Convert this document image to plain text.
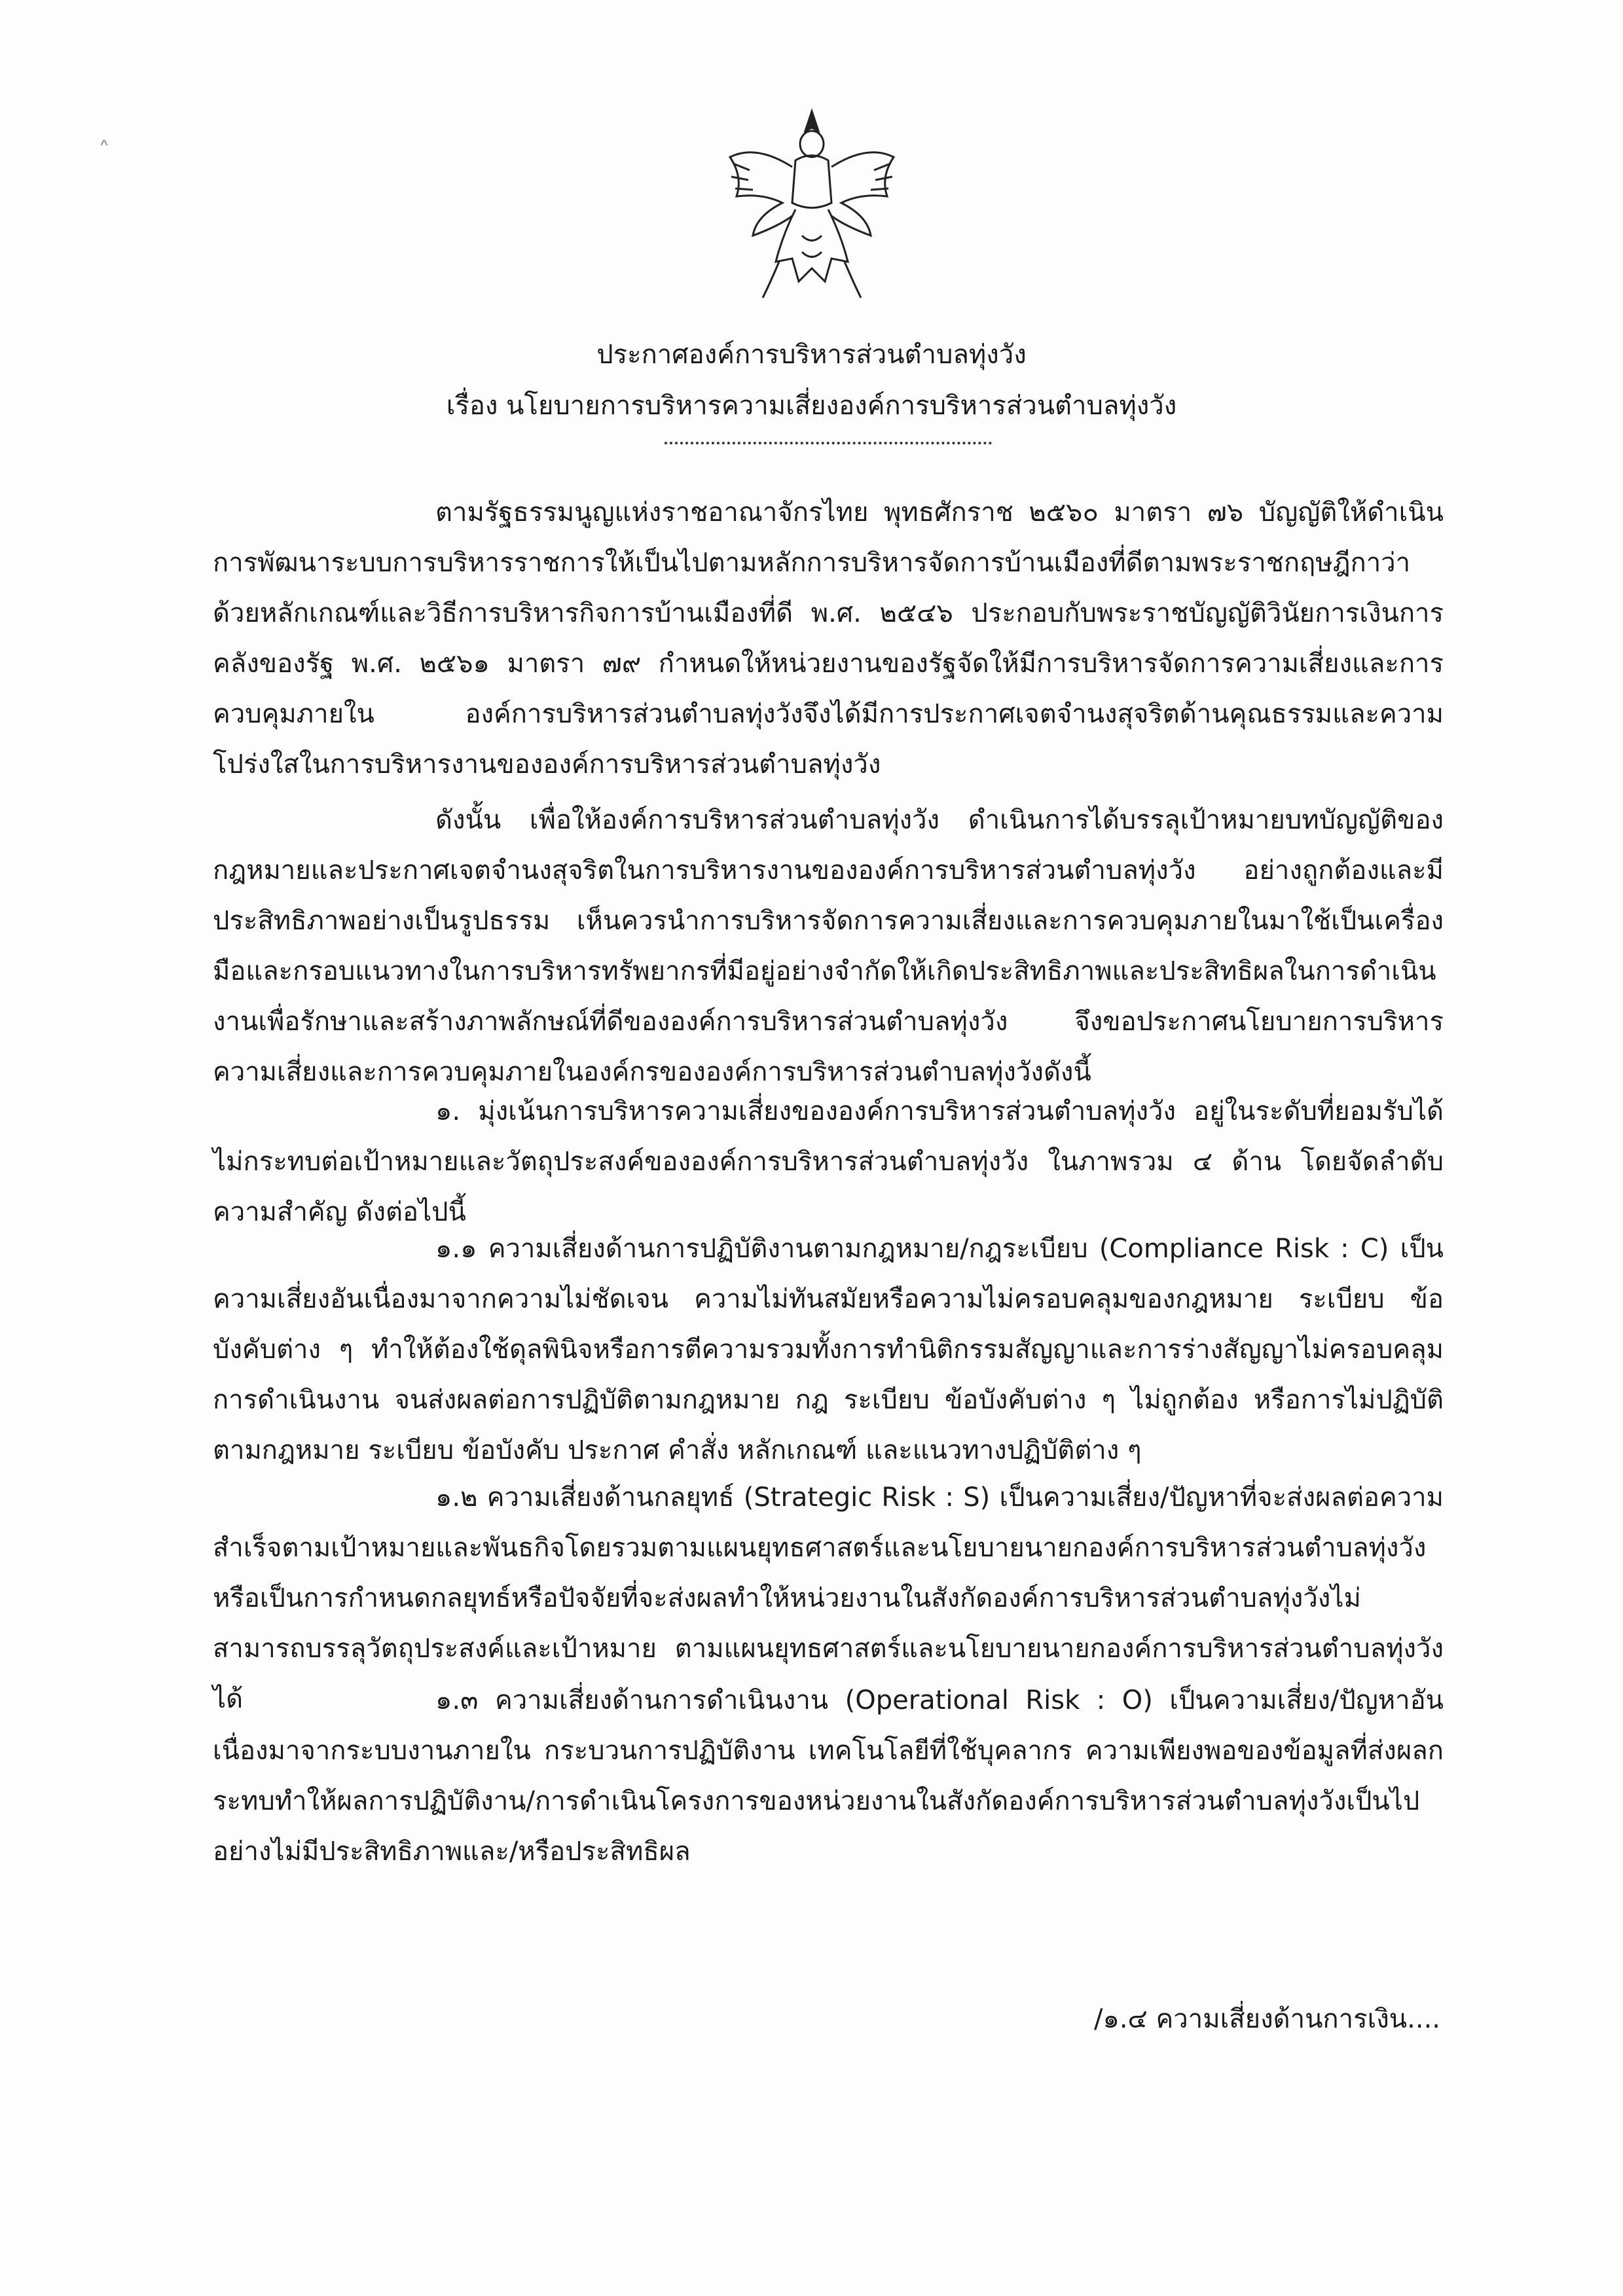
˄
ประกาศองค์การบริหารส่วนตำบลทุ่งวัง
เรื่อง นโยบายการบริหารความเสี่ยงองค์การบริหารส่วนตำบลทุ่งวัง

ตามรัฐธรรมนูญแห่งราชอาณาจักรไทย พุทธศักราช ๒๕๖๐ มาตรา ๗๖ บัญญัติให้ดำเนินการพัฒนาระบบการบริหารราชการให้เป็นไปตามหลักการบริหารจัดการบ้านเมืองที่ดีตามพระราชกฤษฎีกาว่าด้วยหลักเกณฑ์และวิธีการบริหารกิจการบ้านเมืองที่ดี พ.ศ. ๒๕๔๖ ประกอบกับพระราชบัญญัติวินัยการเงินการคลังของรัฐ พ.ศ. ๒๕๖๑ มาตรา ๗๙ กำหนดให้หน่วยงานของรัฐจัดให้มีการบริหารจัดการความเสี่ยงและการควบคุมภายใน องค์การบริหารส่วนตำบลทุ่งวังจึงได้มีการประกาศเจตจำนงสุจริตด้านคุณธรรมและความโปร่งใสในการบริหารงานขององค์การบริหารส่วนตำบลทุ่งวัง

ดังนั้น เพื่อให้องค์การบริหารส่วนตำบลทุ่งวัง ดำเนินการได้บรรลุเป้าหมายบทบัญญัติของกฎหมายและประกาศเจตจำนงสุจริตในการบริหารงานขององค์การบริหารส่วนตำบลทุ่งวัง อย่างถูกต้องและมีประสิทธิภาพอย่างเป็นรูปธรรม เห็นควรนำการบริหารจัดการความเสี่ยงและการควบคุมภายในมาใช้เป็นเครื่องมือและกรอบแนวทางในการบริหารทรัพยากรที่มีอยู่อย่างจำกัดให้เกิดประสิทธิภาพและประสิทธิผลในการดำเนินงานเพื่อรักษาและสร้างภาพลักษณ์ที่ดีขององค์การบริหารส่วนตำบลทุ่งวัง จึงขอประกาศนโยบายการบริหารความเสี่ยงและการควบคุมภายในองค์กรขององค์การบริหารส่วนตำบลทุ่งวังดังนี้

๑. มุ่งเน้นการบริหารความเสี่ยงขององค์การบริหารส่วนตำบลทุ่งวัง อยู่ในระดับที่ยอมรับได้ไม่กระทบต่อเป้าหมายและวัตถุประสงค์ขององค์การบริหารส่วนตำบลทุ่งวัง ในภาพรวม ๔ ด้าน โดยจัดลำดับความสำคัญ ดังต่อไปนี้

๑.๑ ความเสี่ยงด้านการปฏิบัติงานตามกฎหมาย/กฎระเบียบ (Compliance Risk : C) เป็นความเสี่ยงอันเนื่องมาจากความไม่ชัดเจน ความไม่ทันสมัยหรือความไม่ครอบคลุมของกฎหมาย ระเบียบ ข้อบังคับต่าง ๆ ทำให้ต้องใช้ดุลพินิจหรือการตีความรวมทั้งการทำนิติกรรมสัญญาและการร่างสัญญาไม่ครอบคลุมการดำเนินงาน จนส่งผลต่อการปฏิบัติตามกฎหมาย กฎ ระเบียบ ข้อบังคับต่าง ๆ ไม่ถูกต้อง หรือการไม่ปฏิบัติตามกฎหมาย ระเบียบ ข้อบังคับ ประกาศ คำสั่ง หลักเกณฑ์ และแนวทางปฏิบัติต่าง ๆ

๑.๒ ความเสี่ยงด้านกลยุทธ์ (Strategic Risk : S) เป็นความเสี่ยง/ปัญหาที่จะส่งผลต่อความสำเร็จตามเป้าหมายและพันธกิจโดยรวมตามแผนยุทธศาสตร์และนโยบายนายกองค์การบริหารส่วนตำบลทุ่งวัง หรือเป็นการกำหนดกลยุทธ์หรือปัจจัยที่จะส่งผลทำให้หน่วยงานในสังกัดองค์การบริหารส่วนตำบลทุ่งวังไม่สามารถบรรลุวัตถุประสงค์และเป้าหมาย ตามแผนยุทธศาสตร์และนโยบายนายกองค์การบริหารส่วนตำบลทุ่งวังได้	๑.๓ ความเสี่ยงด้านการดำเนินงาน (Operational Risk : O) เป็นความเสี่ยง/ปัญหาอันเนื่องมาจากระบบงานภายใน กระบวนการปฏิบัติงาน เทคโนโลยีที่ใช้บุคลากร ความเพียงพอของข้อมูลที่ส่งผลกระทบทำให้ผลการปฏิบัติงาน/การดำเนินโครงการของหน่วยงานในสังกัดองค์การบริหารส่วนตำบลทุ่งวังเป็นไปอย่างไม่มีประสิทธิภาพและ/หรือประสิทธิผล

/๑.๔ ความเสี่ยงด้านการเงิน....
